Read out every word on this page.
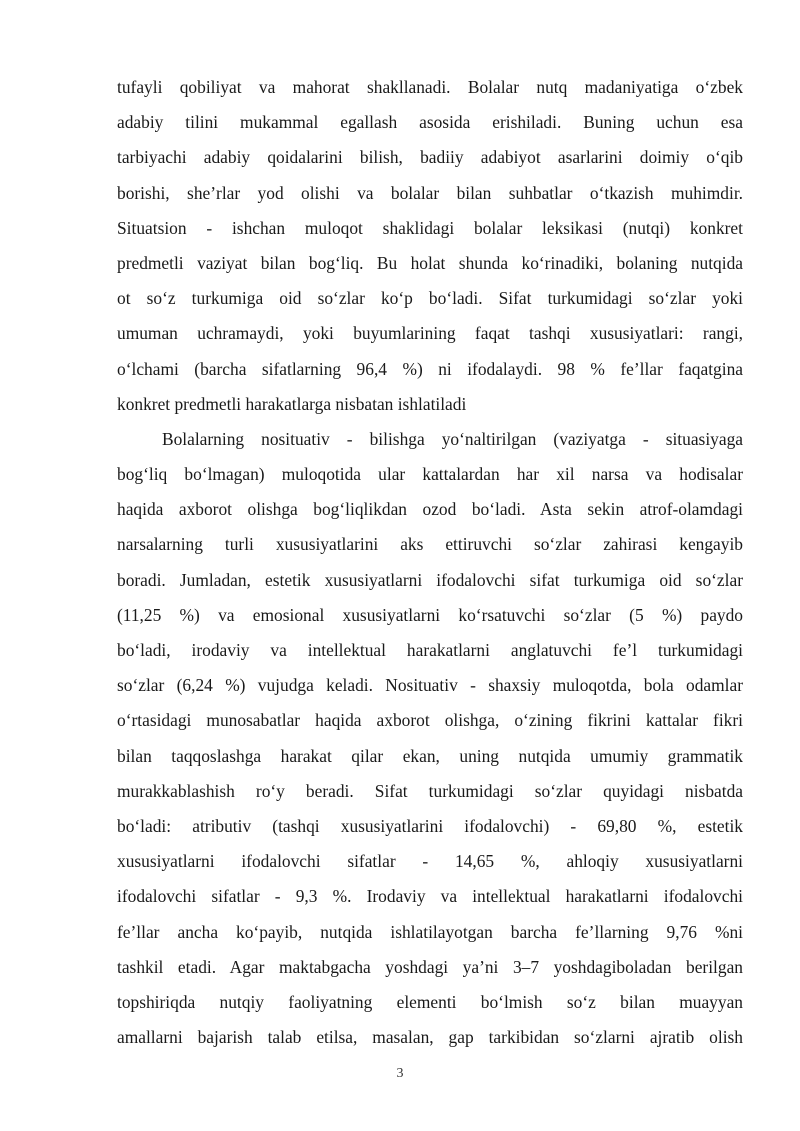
tufayli qobiliyat va mahorat shakllanadi. Bolalar nutq madaniyatiga o‘zbek
adabiy tilini mukammal egallash asosida erishiladi. Buning uchun esa
tarbiyachi adabiy qoidalarini bilish, badiiy adabiyot asarlarini doimiy o‘qib
borishi, she’rlar yod olishi va bolalar bilan suhbatlar o‘tkazish muhimdir.
Situatsion - ishchan muloqot shaklidagi bolalar leksikasi (nutqi) konkret
predmetli vaziyat bilan bog‘liq. Bu holat shunda ko‘rinadiki, bolaning nutqida
ot so‘z turkumiga oid so‘zlar ko‘p bo‘ladi. Sifat turkumidagi so‘zlar yoki
umuman uchramaydi, yoki buyumlarining faqat tashqi xususiyatlari: rangi,
o‘lchami (barcha sifatlarning 96,4 %) ni ifodalaydi. 98 % fe’llar faqatgina
konkret predmetli harakatlarga nisbatan ishlatiladi
Bolalarning nosituativ - bilishga yo‘naltirilgan (vaziyatga - situasiyaga
bog‘liq bo‘lmagan) muloqotida ular kattalardan har xil narsa va hodisalar
haqida axborot olishga bog‘liqlikdan ozod bo‘ladi. Asta sekin atrof-olamdagi
narsalarning turli xususiyatlarini aks ettiruvchi so‘zlar zahirasi kengayib
boradi. Jumladan, estetik xususiyatlarni ifodalovchi sifat turkumiga oid so‘zlar
(11,25 %) va emosional xususiyatlarni ko‘rsatuvchi so‘zlar (5 %) paydo
bo‘ladi, irodaviy va intellektual harakatlarni anglatuvchi fe’l turkumidagi
so‘zlar (6,24 %) vujudga keladi. Nosituativ - shaxsiy muloqotda, bola odamlar
o‘rtasidagi munosabatlar haqida axborot olishga, o‘zining fikrini kattalar fikri
bilan taqqoslashga harakat qilar ekan, uning nutqida umumiy grammatik
murakkablashish ro‘y beradi. Sifat turkumidagi so‘zlar quyidagi nisbatda
bo‘ladi: atributiv (tashqi xususiyatlarini ifodalovchi) - 69,80 %, estetik
xususiyatlarni ifodalovchi sifatlar - 14,65 %, ahloqiy xususiyatlarni
ifodalovchi sifatlar - 9,3 %. Irodaviy va intellektual harakatlarni ifodalovchi
fe’llar ancha ko‘payib, nutqida ishlatilayotgan barcha fe’llarning 9,76 %ni
tashkil etadi. Agar maktabgacha yoshdagi ya’ni 3–7 yoshdagiboladan berilgan
topshiriqda nutqiy faoliyatning elementi bo‘lmish so‘z bilan muayyan
amallarni bajarish talab etilsa, masalan, gap tarkibidan so‘zlarni ajratib olish
3
